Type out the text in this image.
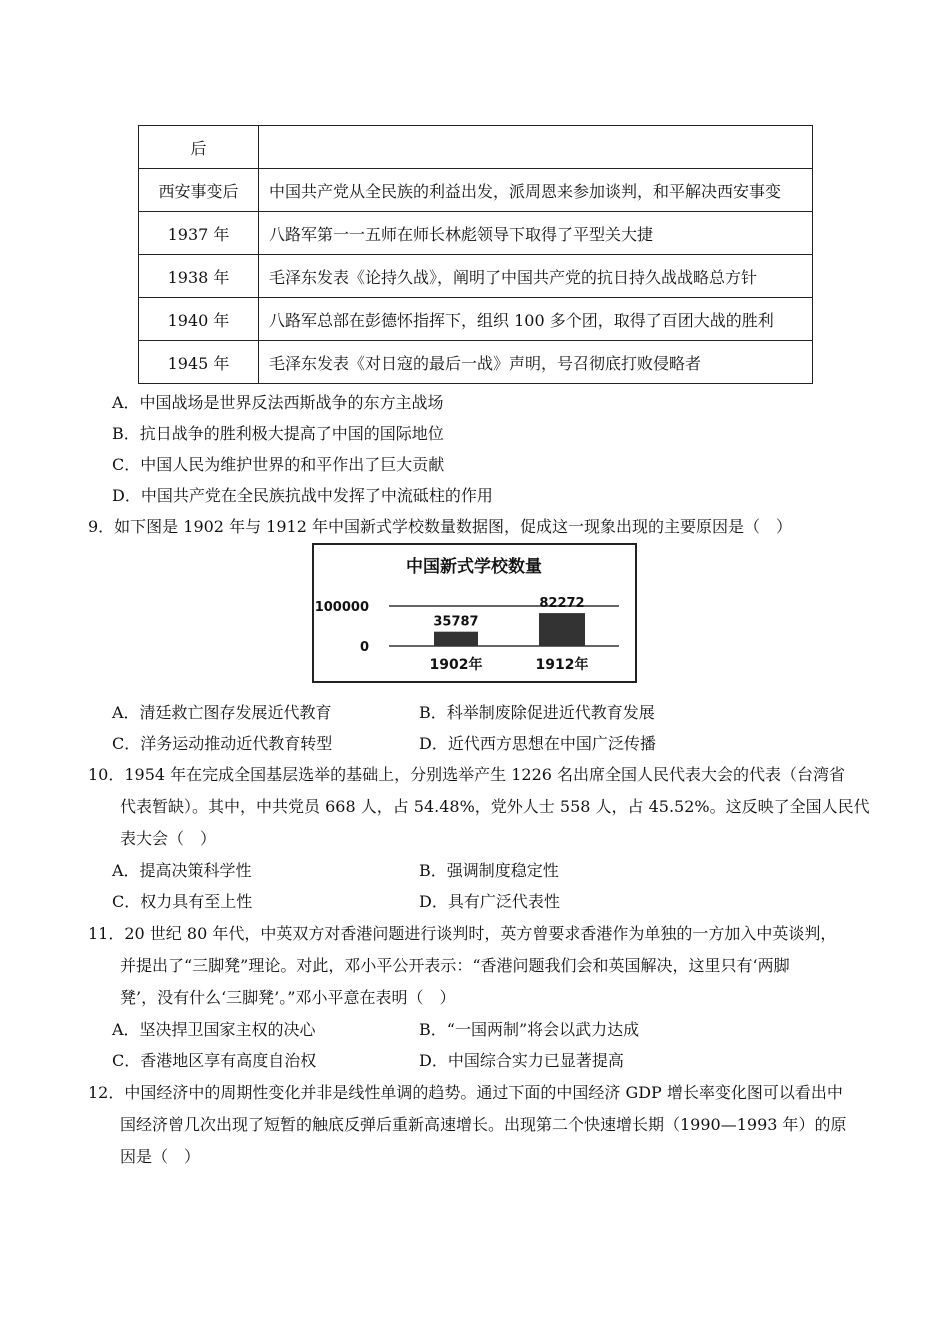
后	
西安事变后	中国共产党从全民族的利益出发，派周恩来参加谈判，和平解决西安事变
1937 年	八路军第一一五师在师长林彪领导下取得了平型关大捷
1938 年	毛泽东发表《论持久战》，阐明了中国共产党的抗日持久战战略总方针
1940 年	八路军总部在彭德怀指挥下，组织 100 多个团，取得了百团大战的胜利
1945 年	毛泽东发表《对日寇的最后一战》声明，号召彻底打败侵略者
A．中国战场是世界反法西斯战争的东方主战场
B．抗日战争的胜利极大提高了中国的国际地位
C．中国人民为维护世界的和平作出了巨大贡献
D．中国共产党在全民族抗战中发挥了中流砥柱的作用
9．如下图是 1902 年与 1912 年中国新式学校数量数据图，促成这一现象出现的主要原因是（　）
中国新式学校数量
100000
0
35787
82272
1902年	1912年
A．清廷救亡图存发展近代教育	B．科举制废除促进近代教育发展
C．洋务运动推动近代教育转型	D．近代西方思想在中国广泛传播
10．1954 年在完成全国基层选举的基础上，分别选举产生 1226 名出席全国人民代表大会的代表（台湾省
代表暂缺）。其中，中共党员 668 人，占 54.48%，党外人士 558 人，占 45.52%。这反映了全国人民代
表大会（　）
A．提高决策科学性	B．强调制度稳定性
C．权力具有至上性	D．具有广泛代表性
11．20 世纪 80 年代，中英双方对香港问题进行谈判时，英方曾要求香港作为单独的一方加入中英谈判，
并提出了“三脚凳”理论。对此，邓小平公开表示：“香港问题我们会和英国解决，这里只有‘两脚
凳’，没有什么‘三脚凳’。”邓小平意在表明（　）
A．坚决捍卫国家主权的决心	B．“一国两制”将会以武力达成
C．香港地区享有高度自治权	D．中国综合实力已显著提高
12．中国经济中的周期性变化并非是线性单调的趋势。通过下面的中国经济 GDP 增长率变化图可以看出中
国经济曾几次出现了短暂的触底反弹后重新高速增长。出现第二个快速增长期（1990—1993 年）的原
因是（　）
